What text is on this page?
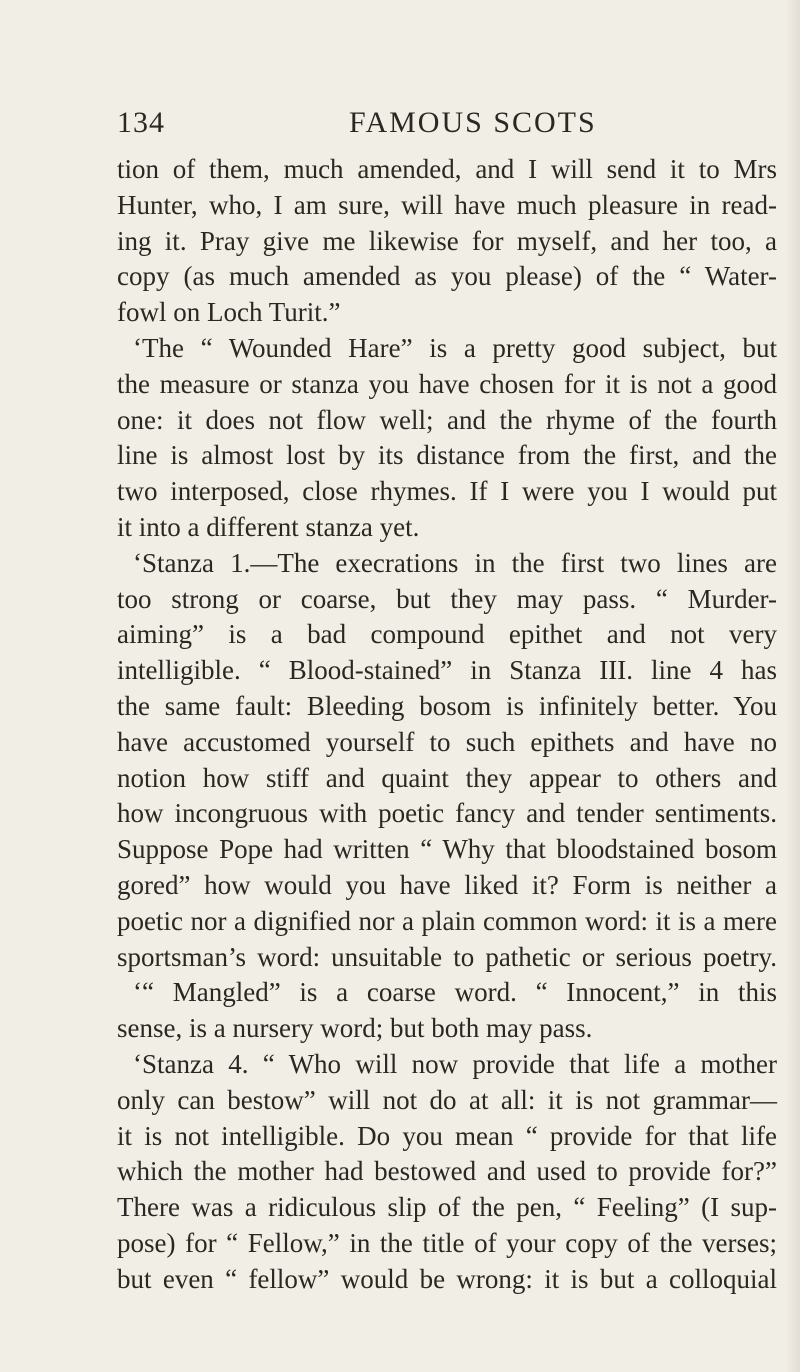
134	FAMOUS SCOTS
tion of them, much amended, and I will send it to Mrs
Hunter, who, I am sure, will have much pleasure in read-
ing it. Pray give me likewise for myself, and her too, a
copy (as much amended as you please) of the “ Water-
fowl on Loch Turit.”
‘The “ Wounded Hare” is a pretty good subject, but
the measure or stanza you have chosen for it is not a good
one: it does not flow well; and the rhyme of the fourth
line is almost lost by its distance from the first, and the
two interposed, close rhymes. If I were you I would put
it into a different stanza yet.
‘Stanza 1.—The execrations in the first two lines are
too strong or coarse, but they may pass. “ Murder-
aiming” is a bad compound epithet and not very
intelligible. “ Blood-stained” in Stanza III. line 4 has
the same fault: Bleeding bosom is infinitely better. You
have accustomed yourself to such epithets and have no
notion how stiff and quaint they appear to others and
how incongruous with poetic fancy and tender sentiments.
Suppose Pope had written “ Why that bloodstained bosom
gored” how would you have liked it? Form is neither a
poetic nor a dignified nor a plain common word: it is a mere
sportsman’s word: unsuitable to pathetic or serious poetry.
‘“ Mangled” is a coarse word. “ Innocent,” in this
sense, is a nursery word; but both may pass.
‘Stanza 4. “ Who will now provide that life a mother
only can bestow” will not do at all: it is not grammar—
it is not intelligible. Do you mean “ provide for that life
which the mother had bestowed and used to provide for?”
There was a ridiculous slip of the pen, “ Feeling” (I sup-
pose) for “ Fellow,” in the title of your copy of the verses;
but even “ fellow” would be wrong: it is but a colloquial
